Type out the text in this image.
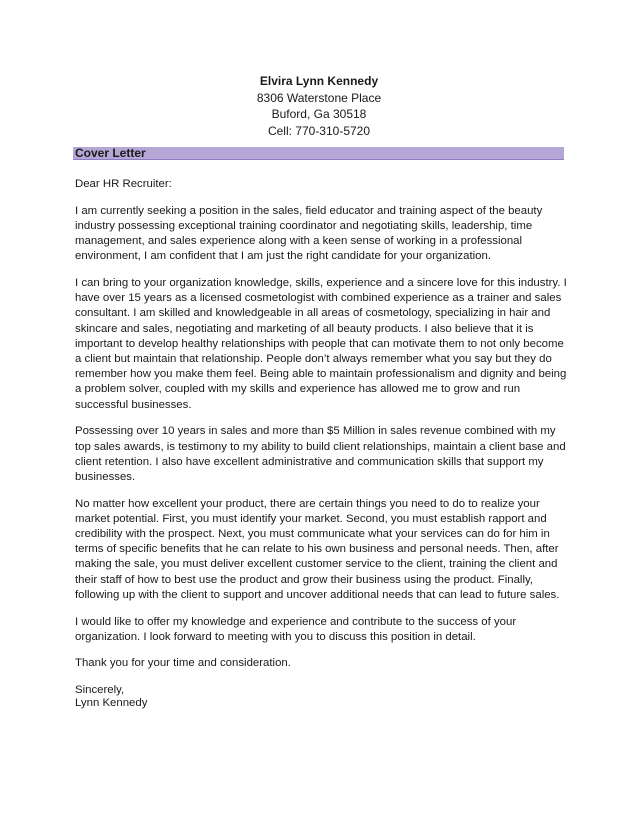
Elvira Lynn Kennedy
8306 Waterstone Place
Buford, Ga 30518
Cell: 770-310-5720
Cover Letter

Dear HR Recruiter:

I am currently seeking a position in the sales, field educator and training aspect of the beauty industry possessing exceptional training coordinator and negotiating skills, leadership, time management, and sales experience along with a keen sense of working in a professional environment, I am confident that I am just the right candidate for your organization.

I can bring to your organization knowledge, skills, experience and a sincere love for this industry. I have over 15 years as a licensed cosmetologist with combined experience as a trainer and sales consultant. I am skilled and knowledgeable in all areas of cosmetology, specializing in hair and skincare and sales, negotiating and marketing of all beauty products. I also believe that it is important to develop healthy relationships with people that can motivate them to not only become a client but maintain that relationship. People don’t always remember what you say but they do remember how you make them feel. Being able to maintain professionalism and dignity and being a problem solver, coupled with my skills and experience has allowed me to grow and run successful businesses.

Possessing over 10 years in sales and more than $5 Million in sales revenue combined with my top sales awards, is testimony to my ability to build client relationships, maintain a client base and client retention. I also have excellent administrative and communication skills that support my businesses.

No matter how excellent your product, there are certain things you need to do to realize your market potential. First, you must identify your market. Second, you must establish rapport and credibility with the prospect. Next, you must communicate what your services can do for him in terms of specific benefits that he can relate to his own business and personal needs. Then, after making the sale, you must deliver excellent customer service to the client, training the client and their staff of how to best use the product and grow their business using the product. Finally, following up with the client to support and uncover additional needs that can lead to future sales.

I would like to offer my knowledge and experience and contribute to the success of your organization. I look forward to meeting with you to discuss this position in detail.

Thank you for your time and consideration.

Sincerely,

Lynn Kennedy
